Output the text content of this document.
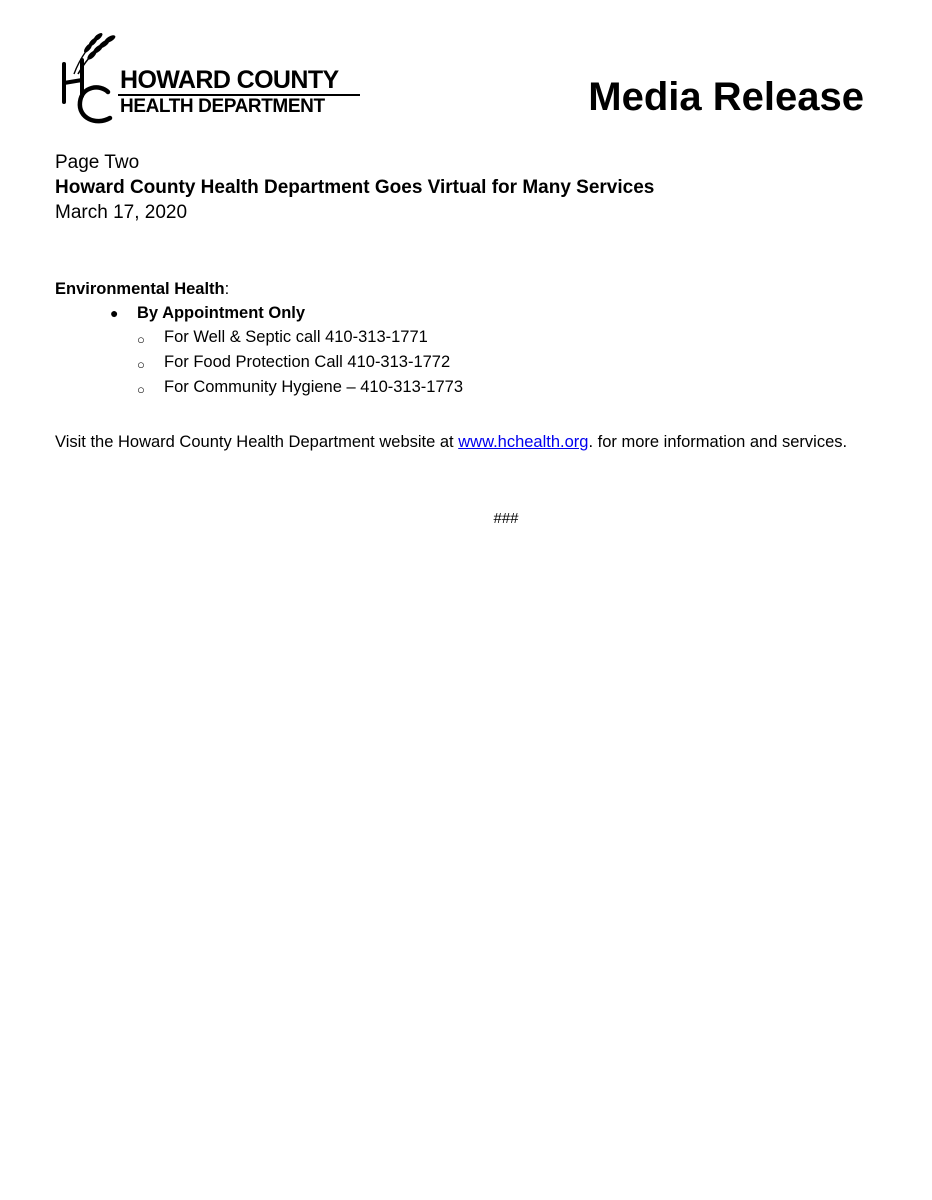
HOWARD COUNTY
HEALTH DEPARTMENT	Media Release
Page Two
Howard County Health Department Goes Virtual for Many Services
March 17, 2020
Environmental Health:
● By Appointment Only
○ For Well & Septic call 410-313-1771
○ For Food Protection Call 410-313-1772
○ For Community Hygiene – 410-313-1773
Visit the Howard County Health Department website at www.hchealth.org. for more information and services.
###
